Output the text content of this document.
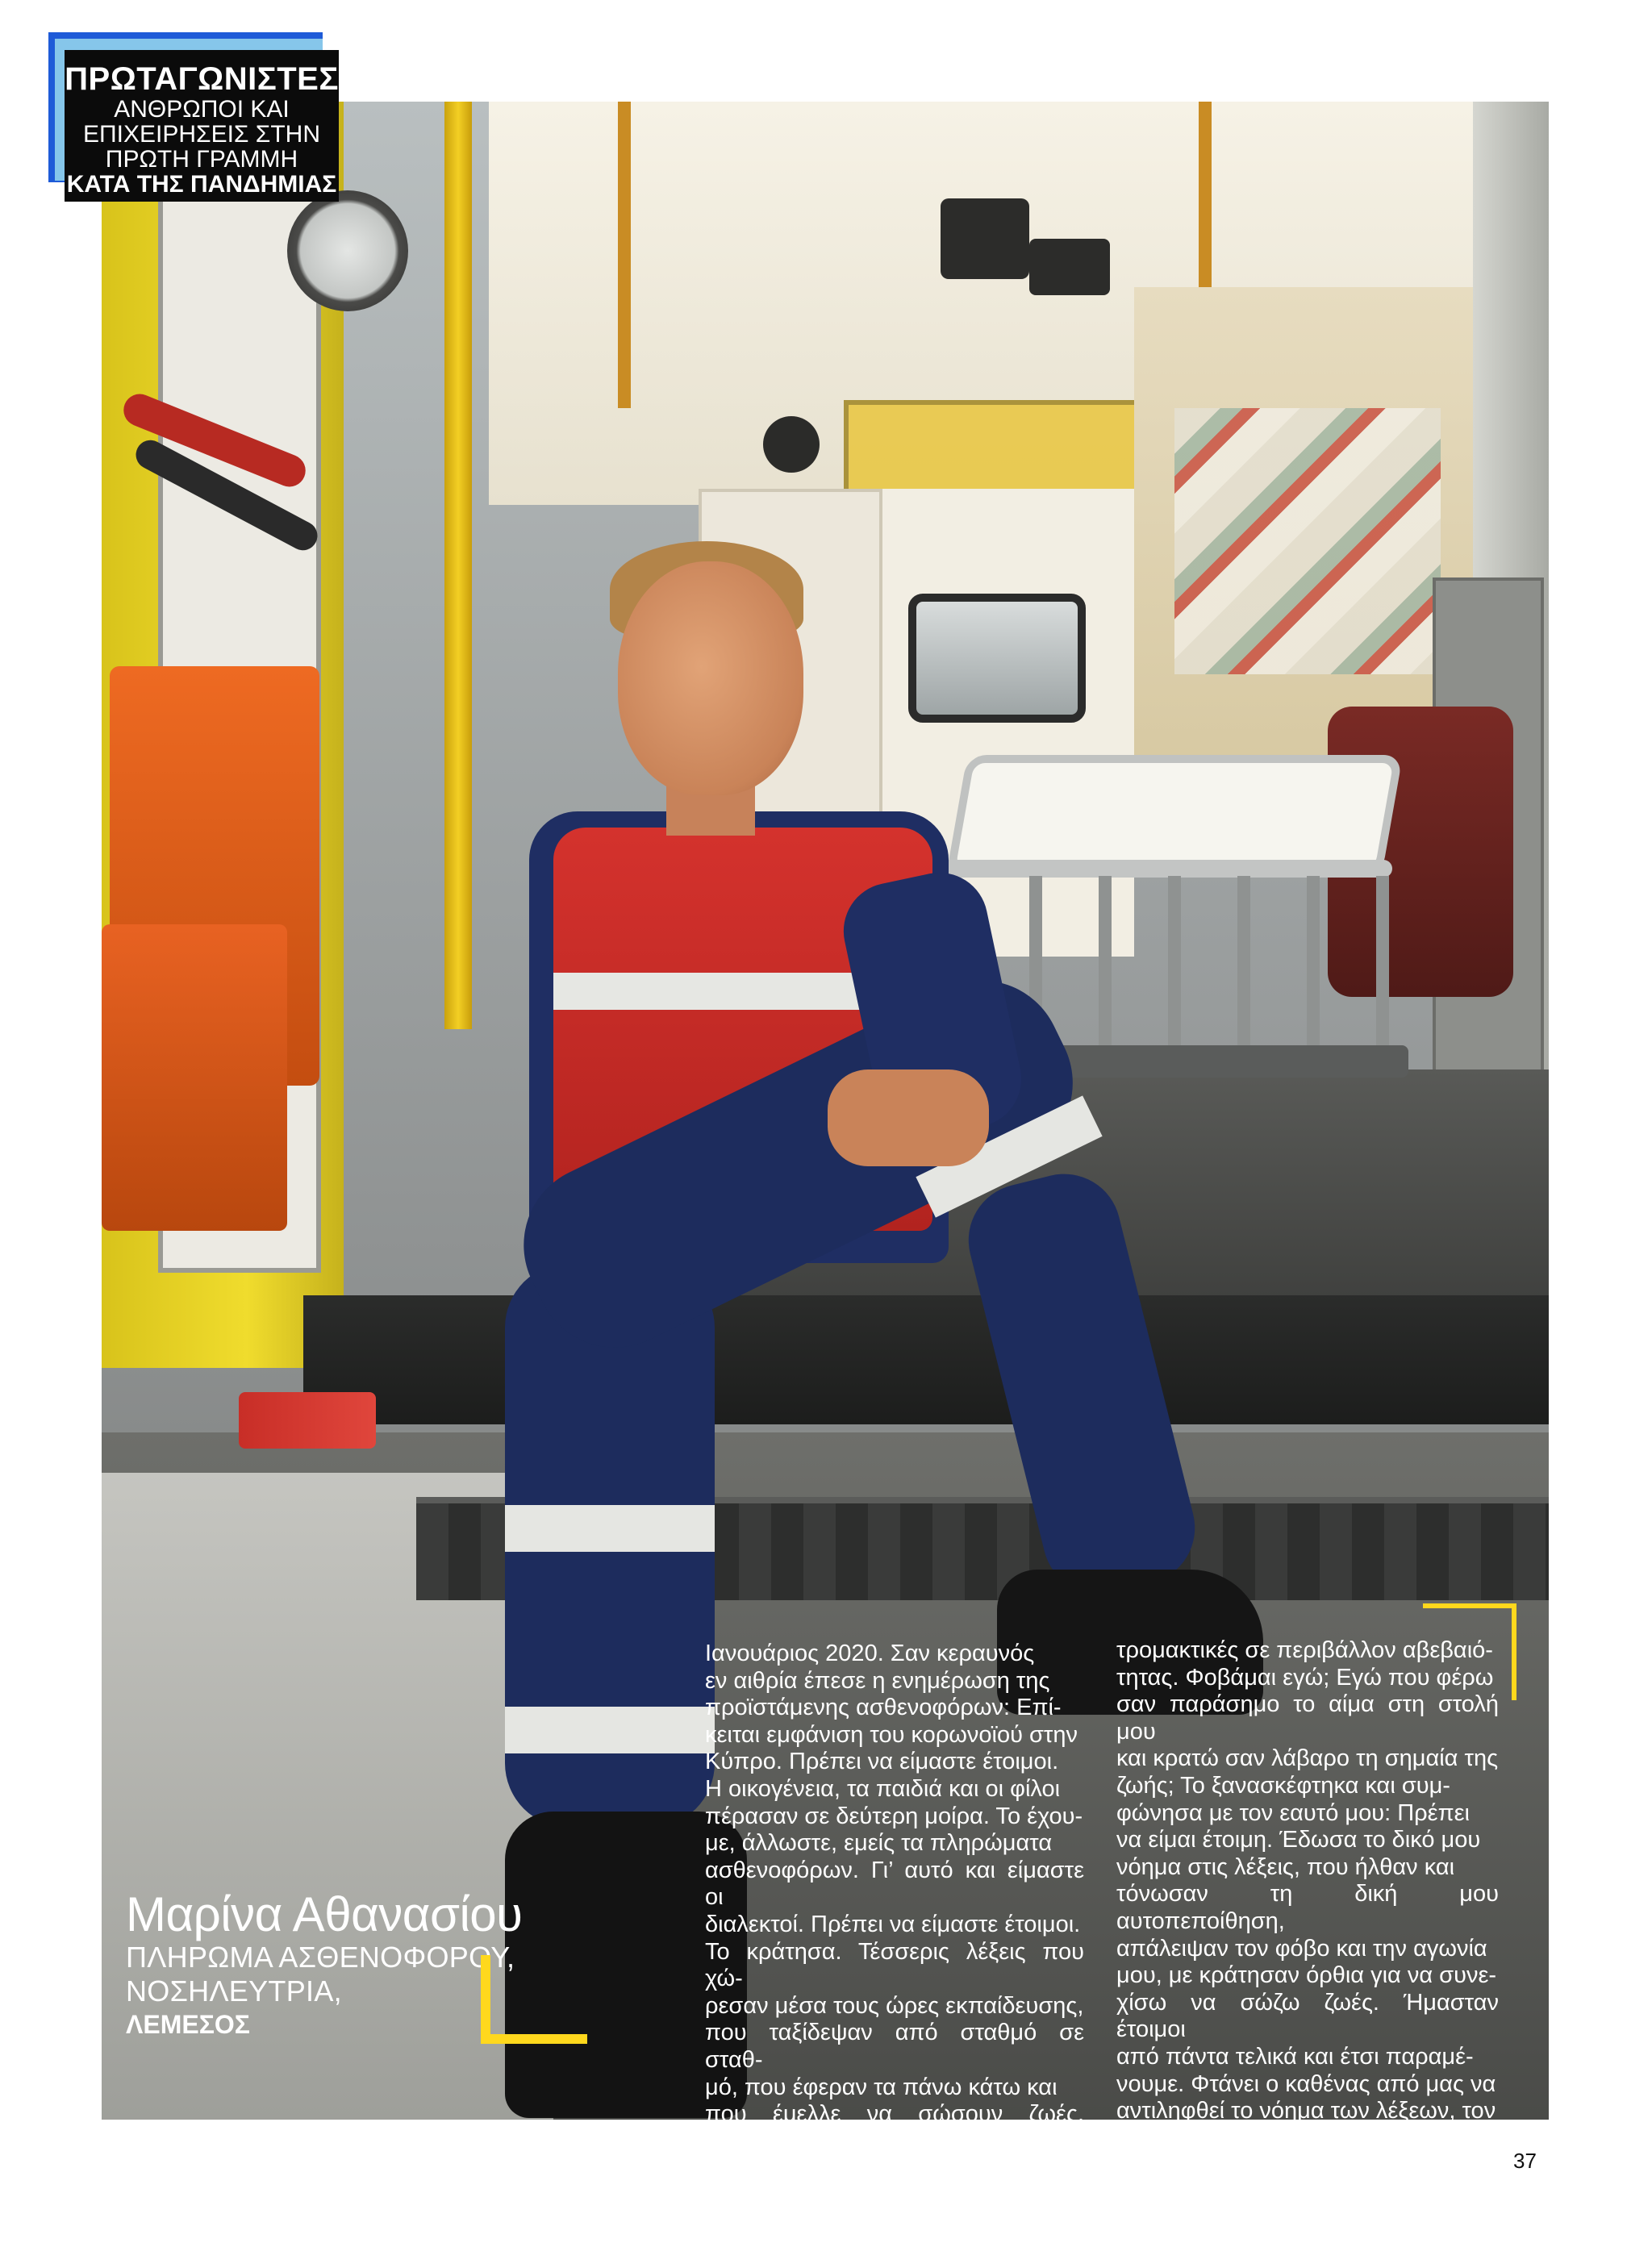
ΠΡΩΤΑΓΩΝΙΣΤΕΣ
ΑΝΘΡΩΠΟΙ ΚΑΙ
ΕΠΙΧΕΙΡΗΣΕΙΣ ΣΤΗΝ
ΠΡΩΤΗ ΓΡΑΜΜΗ
ΚΑΤΑ ΤΗΣ ΠΑΝΔΗΜΙΑΣ
Μαρίνα Αθανασίου
ΠΛΗΡΩΜΑ ΑΣΘΕΝΟΦΟΡΟΥ,
ΝΟΣΗΛΕΥΤΡΙΑ,
ΛΕΜΕΣΟΣ

Ιανουάριος 2020. Σαν κεραυνός

εν αιθρία έπεσε η ενημέρωση της

προϊστάμενης ασθενοφόρων: Επί-

κειται εμφάνιση του κορωνοϊού στην

Κύπρο. Πρέπει να είμαστε έτοιμοι.

Η οικογένεια, τα παιδιά και οι φίλοι

πέρασαν σε δεύτερη μοίρα. Το έχου-

με, άλλωστε, εμείς τα πληρώματα

ασθενοφόρων. Γι’ αυτό και είμαστε οι

διαλεκτοί. Πρέπει να είμαστε έτοιμοι.

Το κράτησα. Τέσσερις λέξεις που χώ-

ρεσαν μέσα τους ώρες εκπαίδευσης,

που ταξίδεψαν από σταθμό σε σταθ-

μό, που έφεραν τα πάνω κάτω και

που έμελλε να σώσουν ζωές. Πρώτες

κλήσεις: Φόβος και αγωνία. Σε μια

μέρα άλλαξαν τα πάντα γύρω από τη

διαχείριση των ασθενών. Συνθήκες

τρομακτικές σε περιβάλλον αβεβαιό-

τητας. Φοβάμαι εγώ; Εγώ που φέρω

σαν παράσημο το αίμα στη στολή μου

και κρατώ σαν λάβαρο τη σημαία της

ζωής; Το ξανασκέφτηκα και συμ-

φώνησα με τον εαυτό μου: Πρέπει

να είμαι έτοιμη. Έδωσα το δικό μου

νόημα στις λέξεις, που ήλθαν και

τόνωσαν τη δική μου αυτοπεποίθηση,

απάλειψαν τον φόβο και την αγωνία

μου, με κράτησαν όρθια για να συνε-

χίσω να σώζω ζωές. Ήμασταν έτοιμοι

από πάντα τελικά και έτσι παραμέ-

νουμε. Φτάνει ο καθένας από μας να

αντιληφθεί το νόημα των λέξεων, τον

σκοπό του, το βάρος της ευθύνης.

Ενάμιση χρόνο μετά δηλώνουμε πιο

έτοιμοι από ποτέ. Όχι όμως άτρωτοι.

37
